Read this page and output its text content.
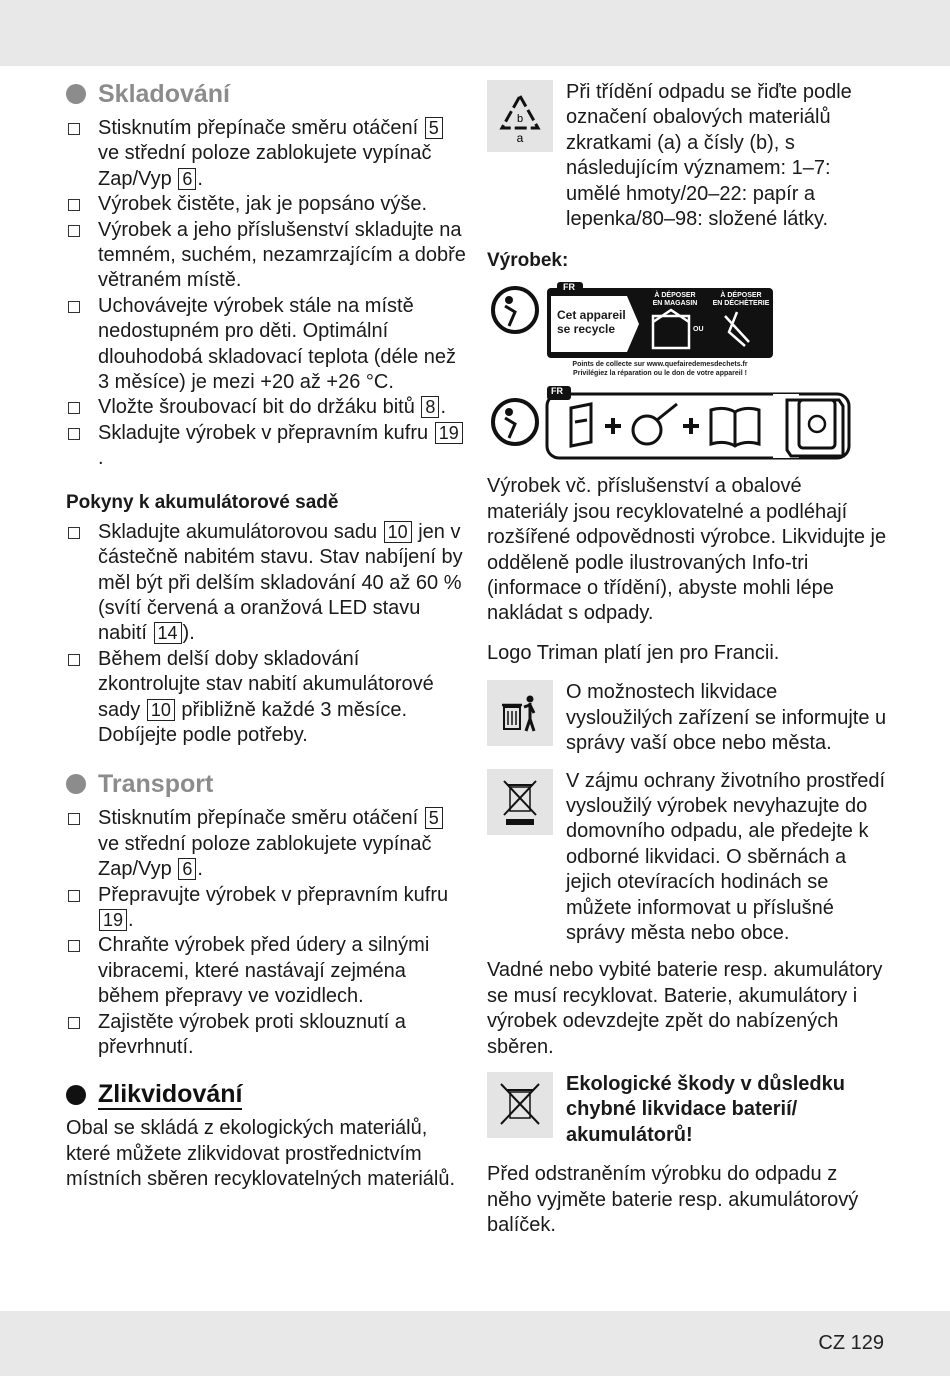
Skladování
Stisknutím přepínače směru otáčení 5
ve střední poloze zablokujete vypínač Zap/Vyp 6 .
Výrobek čistěte, jak je popsáno výše.
Výrobek a jeho příslušenství skladujte na temném, suchém, nezamrzajícím a dobře větraném místě.
Uchovávejte výrobek stále na místě nedostupném pro děti. Optimální dlouhodobá skladovací teplota (déle než 3 měsíce) je mezi +20 až +26 °C.
Vložte šroubovací bit do držáku bitů 8 .
Skladujte výrobek v přepravním kufru 19.
Pokyny k akumulátorové sadě
Skladujte akumulátorovou sadu 10 jen v částečně nabitém stavu. Stav nabíjení by měl být při delším skladování 40 až 60 % (svítí červená a oranžová LED stavu nabití 14 ).
Během delší doby skladování zkontrolujte stav nabití akumulátorové sady 10 přibližně každé 3 měsíce. Dobíjejte podle potřeby.
Transport
Stisknutím přepínače směru otáčení 5
ve střední poloze zablokujete vypínač Zap/Vyp 6 .
Přepravujte výrobek v přepravním kufru 19 .
Chraňte výrobek před údery a silnými vibracemi, které nastávají zejména během přepravy ve vozidlech.
Zajistěte výrobek proti sklouznutí a převrhnutí.
Zlikvidování

Obal se skládá z ekologických materiálů, které můžete zlikvidovat prostřednictvím místních sběren recyklovatelných materiálů.

b
a
Při třídění odpadu se řiďte podle označení obalových materiálů zkratkami (a) a čísly (b), s následujícím významem: 1–7: umělé hmoty/20–22: papír a lepenka/80–98: složené látky.
Výrobek:
FR
Cet appareil
se recycle
À DÉPOSER
EN MAGASIN
À DÉPOSER
EN DÉCHÈTERIE
OU
Points de collecte sur www.quefairedemesdechets.fr
Privilégiez la réparation ou le don de votre appareil !
FR

Výrobek vč. příslušenství a obalové materiály jsou recyklovatelné a podléhají rozšířené odpovědnosti výrobce. Likvidujte je odděleně podle ilustrovaných Info-tri (informace o třídění), abyste mohli lépe nakládat s odpady.

Logo Triman platí jen pro Francii.

O možnostech likvidace vysloužilých zařízení se informujte u správy vaší obce nebo města.
V zájmu ochrany životního prostředí vysloužilý výrobek nevyhazujte do domovního odpadu, ale předejte k odborné likvidaci. O sběrnách a jejich otevíracích hodinách se můžete informovat u příslušné správy města nebo obce.

Vadné nebo vybité baterie resp. akumulátory se musí recyklovat. Baterie, akumulátory i výrobek odevzdejte zpět do nabízených sběren.

Ekologické škody v důsledku chybné likvidace baterií/ akumulátorů!

Před odstraněním výrobku do odpadu z něho vyjměte baterie resp. akumulátorový balíček.

CZ 129
